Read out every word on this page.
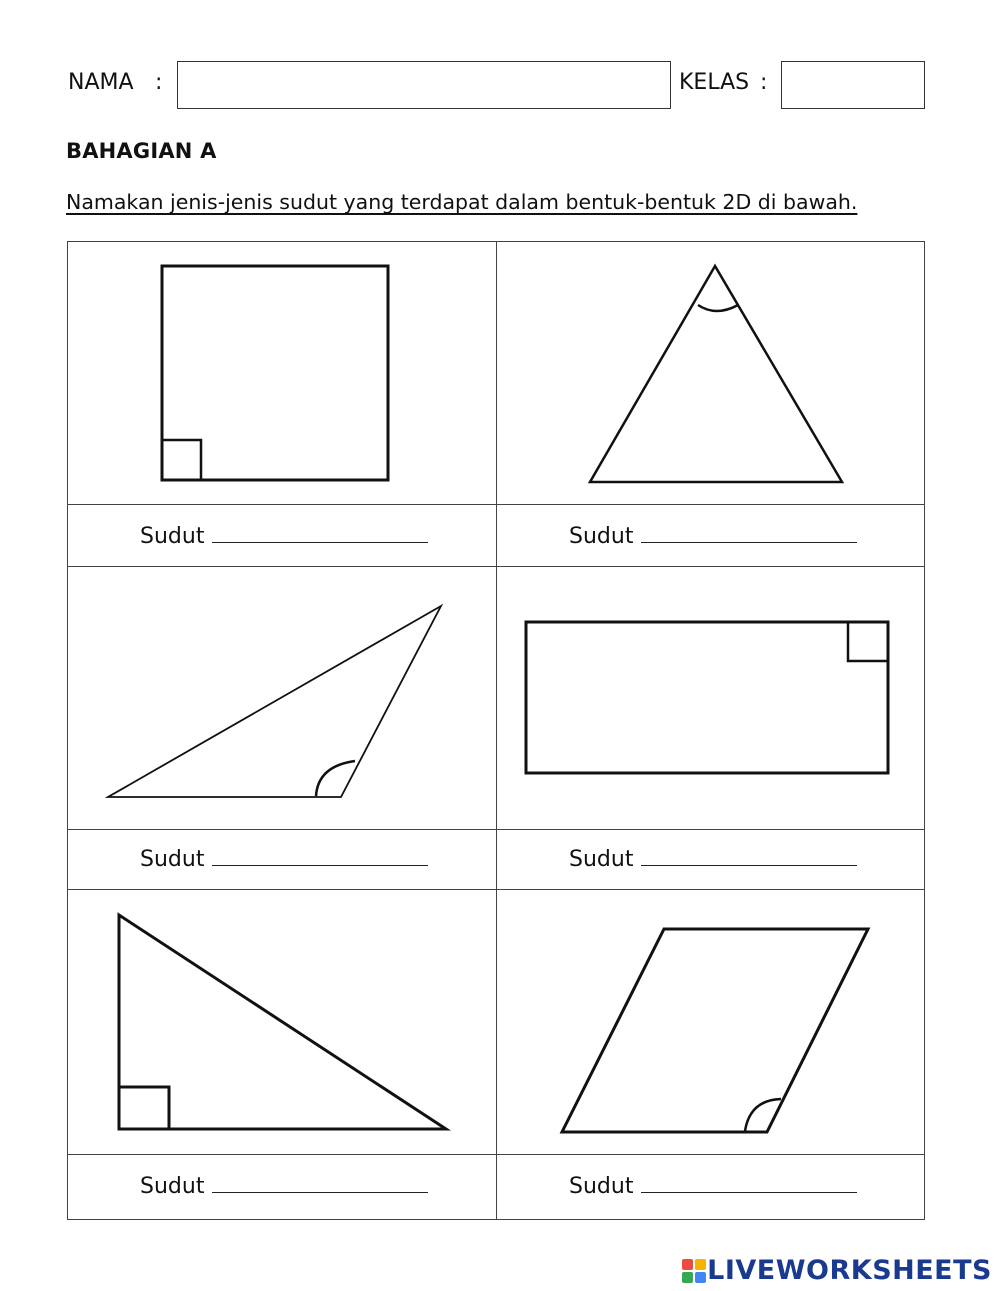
NAMA :	KELAS :
BAHAGIAN A
Namakan jenis-jenis sudut yang terdapat dalam bentuk-bentuk 2D di bawah.
Sudut	Sudut
Sudut	Sudut
Sudut	Sudut
LIVEWORKSHEETS
